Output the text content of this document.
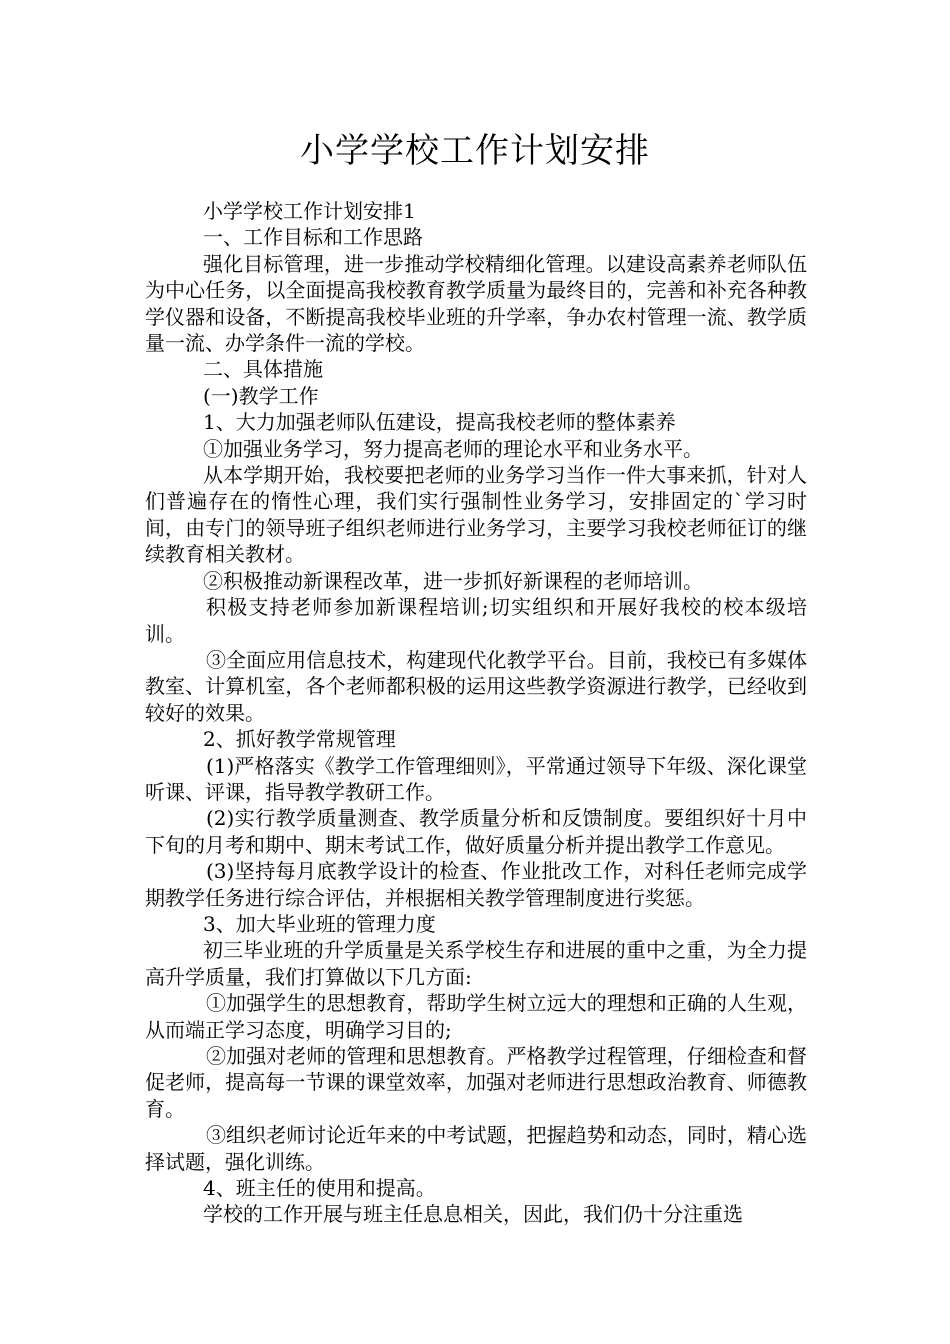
小学学校工作计划安排

小学学校工作计划安排1

一、工作目标和工作思路

强化目标管理，进一步推动学校精细化管理。以建设高素养老师队伍为中心任务，以全面提高我校教育教学质量为最终目的，完善和补充各种教学仪器和设备，不断提高我校毕业班的升学率，争办农村管理一流、教学质量一流、办学条件一流的学校。

二、具体措施

(一)教学工作

1、大力加强老师队伍建设，提高我校老师的整体素养

①加强业务学习，努力提高老师的理论水平和业务水平。

从本学期开始，我校要把老师的业务学习当作一件大事来抓，针对人们普遍存在的惰性心理，我们实行强制性业务学习，安排固定的`学习时间，由专门的领导班子组织老师进行业务学习，主要学习我校老师征订的继续教育相关教材。

②积极推动新课程改革，进一步抓好新课程的老师培训。

积极支持老师参加新课程培训;切实组织和开展好我校的校本级培训。

③全面应用信息技术，构建现代化教学平台。目前，我校已有多媒体教室、计算机室，各个老师都积极的运用这些教学资源进行教学，已经收到较好的效果。

2、抓好教学常规管理

(1)严格落实《教学工作管理细则》，平常通过领导下年级、深化课堂听课、评课，指导教学教研工作。

(2)实行教学质量测查、教学质量分析和反馈制度。要组织好十月中下旬的月考和期中、期末考试工作，做好质量分析并提出教学工作意见。

(3)坚持每月底教学设计的检查、作业批改工作，对科任老师完成学期教学任务进行综合评估，并根据相关教学管理制度进行奖惩。

3、加大毕业班的管理力度

初三毕业班的升学质量是关系学校生存和进展的重中之重，为全力提高升学质量，我们打算做以下几方面:

①加强学生的思想教育，帮助学生树立远大的理想和正确的人生观，从而端正学习态度，明确学习目的;

②加强对老师的管理和思想教育。严格教学过程管理，仔细检查和督促老师，提高每一节课的课堂效率，加强对老师进行思想政治教育、师德教育。

③组织老师讨论近年来的中考试题，把握趋势和动态，同时，精心选择试题，强化训练。

4、班主任的使用和提高。

学校的工作开展与班主任息息相关，因此，我们仍十分注重选
